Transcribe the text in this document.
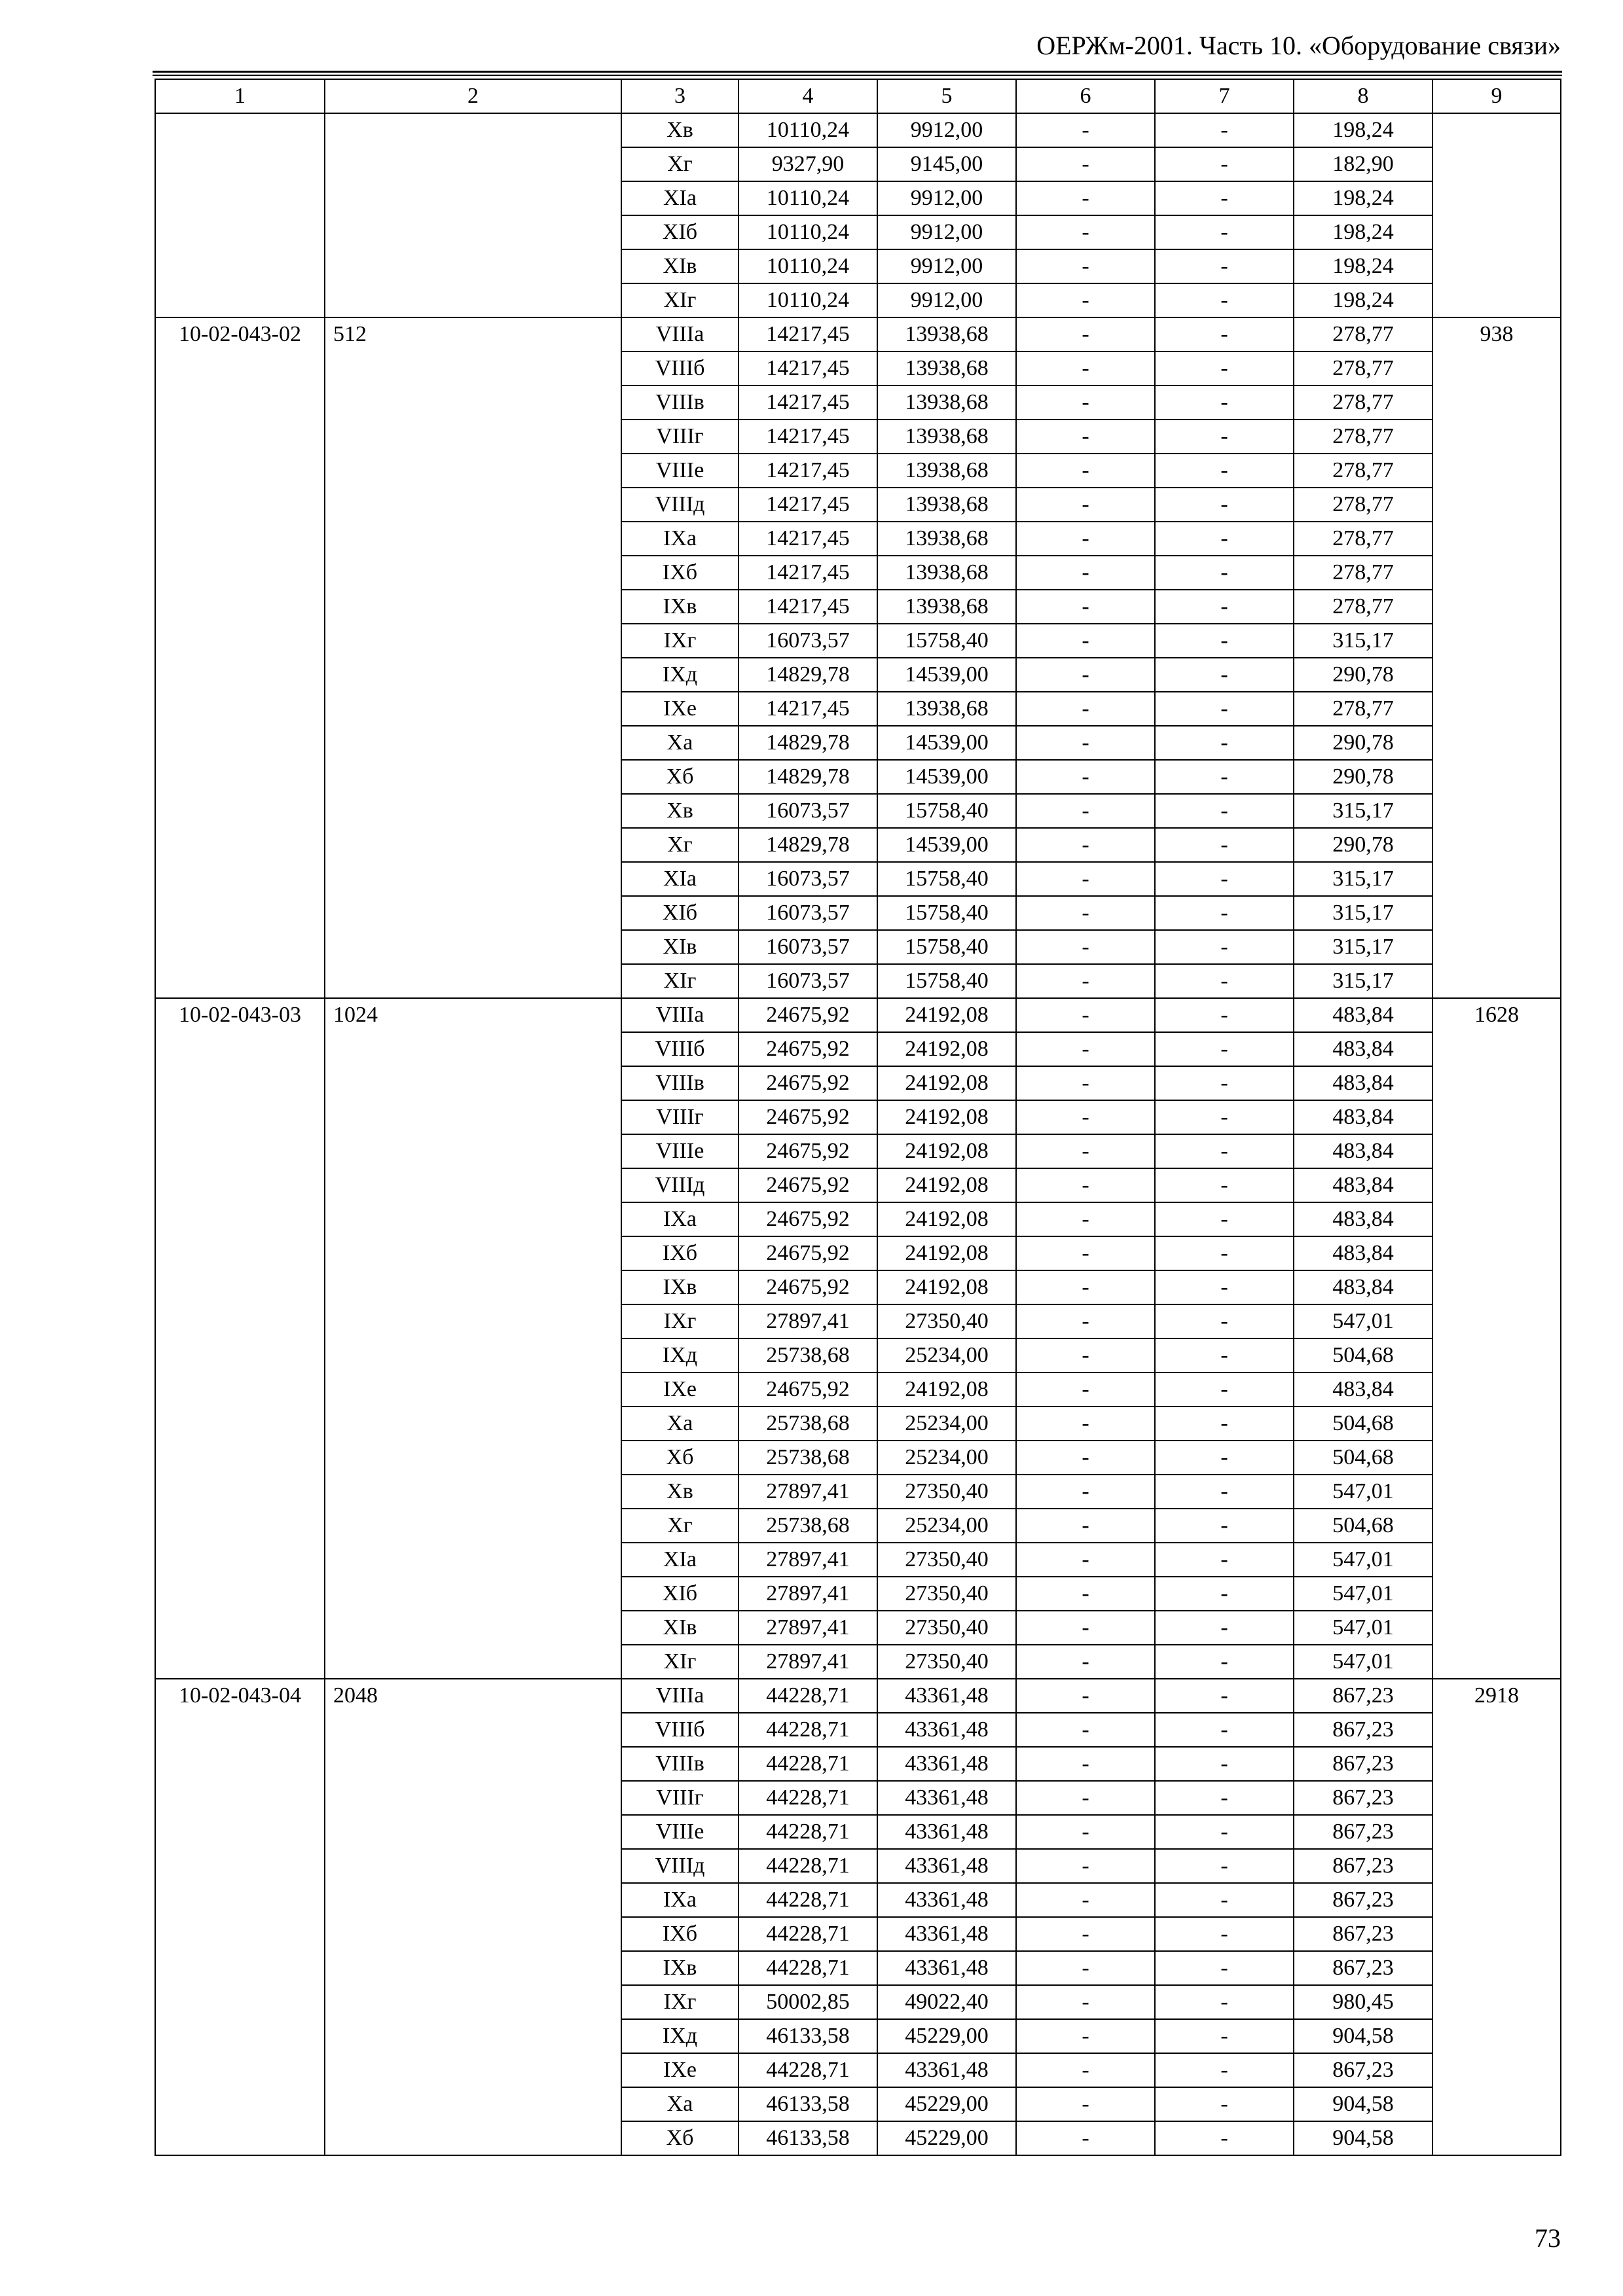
ОЕРЖм-2001. Часть 10. «Оборудование связи»
1	2	3	4	5	6	7	8	9
		Xв	10110,24	9912,00	-	-	198,24	
		Xг	9327,90	9145,00	-	-	182,90	
		XIа	10110,24	9912,00	-	-	198,24	
		XIб	10110,24	9912,00	-	-	198,24	
		XIв	10110,24	9912,00	-	-	198,24	
		XIг	10110,24	9912,00	-	-	198,24	
10-02-043-02	512	VIIIа	14217,45	13938,68	-	-	278,77	938
		VIIIб	14217,45	13938,68	-	-	278,77	
		VIIIв	14217,45	13938,68	-	-	278,77	
		VIIIг	14217,45	13938,68	-	-	278,77	
		VIIIе	14217,45	13938,68	-	-	278,77	
		VIIIд	14217,45	13938,68	-	-	278,77	
		IXа	14217,45	13938,68	-	-	278,77	
		IXб	14217,45	13938,68	-	-	278,77	
		IXв	14217,45	13938,68	-	-	278,77	
		IXг	16073,57	15758,40	-	-	315,17	
		IXд	14829,78	14539,00	-	-	290,78	
		IXе	14217,45	13938,68	-	-	278,77	
		Xа	14829,78	14539,00	-	-	290,78	
		Xб	14829,78	14539,00	-	-	290,78	
		Xв	16073,57	15758,40	-	-	315,17	
		Xг	14829,78	14539,00	-	-	290,78	
		XIа	16073,57	15758,40	-	-	315,17	
		XIб	16073,57	15758,40	-	-	315,17	
		XIв	16073,57	15758,40	-	-	315,17	
		XIг	16073,57	15758,40	-	-	315,17	
10-02-043-03	1024	VIIIа	24675,92	24192,08	-	-	483,84	1628
		VIIIб	24675,92	24192,08	-	-	483,84	
		VIIIв	24675,92	24192,08	-	-	483,84	
		VIIIг	24675,92	24192,08	-	-	483,84	
		VIIIе	24675,92	24192,08	-	-	483,84	
		VIIIд	24675,92	24192,08	-	-	483,84	
		IXа	24675,92	24192,08	-	-	483,84	
		IXб	24675,92	24192,08	-	-	483,84	
		IXв	24675,92	24192,08	-	-	483,84	
		IXг	27897,41	27350,40	-	-	547,01	
		IXд	25738,68	25234,00	-	-	504,68	
		IXе	24675,92	24192,08	-	-	483,84	
		Xа	25738,68	25234,00	-	-	504,68	
		Xб	25738,68	25234,00	-	-	504,68	
		Xв	27897,41	27350,40	-	-	547,01	
		Xг	25738,68	25234,00	-	-	504,68	
		XIа	27897,41	27350,40	-	-	547,01	
		XIб	27897,41	27350,40	-	-	547,01	
		XIв	27897,41	27350,40	-	-	547,01	
		XIг	27897,41	27350,40	-	-	547,01	
10-02-043-04	2048	VIIIа	44228,71	43361,48	-	-	867,23	2918
		VIIIб	44228,71	43361,48	-	-	867,23	
		VIIIв	44228,71	43361,48	-	-	867,23	
		VIIIг	44228,71	43361,48	-	-	867,23	
		VIIIе	44228,71	43361,48	-	-	867,23	
		VIIIд	44228,71	43361,48	-	-	867,23	
		IXа	44228,71	43361,48	-	-	867,23	
		IXб	44228,71	43361,48	-	-	867,23	
		IXв	44228,71	43361,48	-	-	867,23	
		IXг	50002,85	49022,40	-	-	980,45	
		IXд	46133,58	45229,00	-	-	904,58	
		IXе	44228,71	43361,48	-	-	867,23	
		Xа	46133,58	45229,00	-	-	904,58	
		Xб	46133,58	45229,00	-	-	904,58	
73
